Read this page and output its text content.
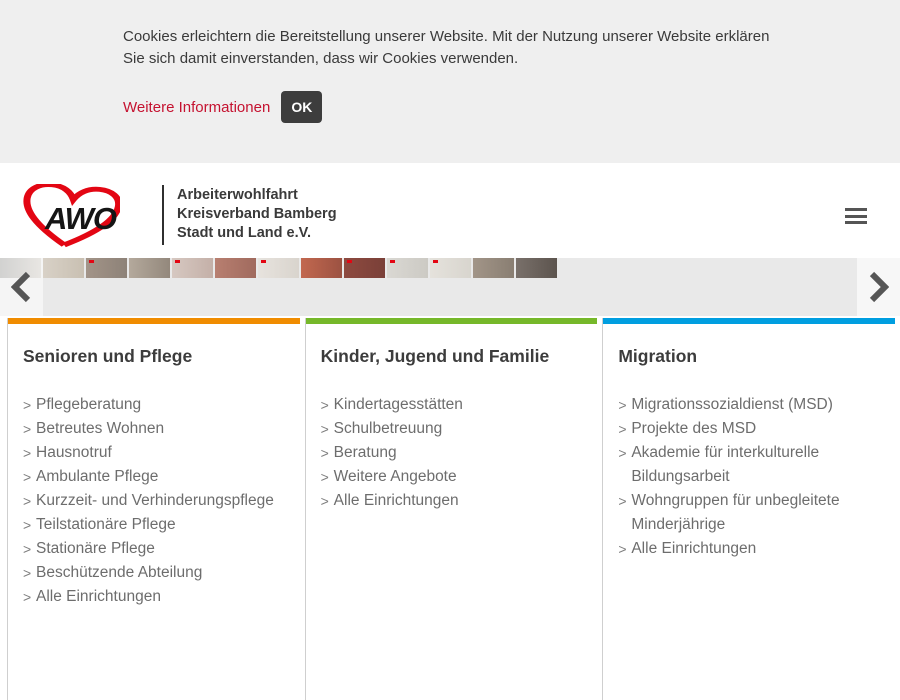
Cookies erleichtern die Bereitstellung unserer Website. Mit der Nutzung unserer Website erklären
Sie sich damit einverstanden, dass wir Cookies verwenden.
Weitere Informationen	OK
AWO
Arbeiterwohlfahrt
Kreisverband Bamberg
Stadt und Land e.V.
Senioren und Pflege
> Pflegeberatung
> Betreutes Wohnen
> Hausnotruf
> Ambulante Pflege
> Kurzzeit- und Verhinderungspflege
> Teilstationäre Pflege
> Stationäre Pflege
> Beschützende Abteilung
> Alle Einrichtungen
Kinder, Jugend und Familie
> Kindertagesstätten
> Schulbetreuung
> Beratung
> Weitere Angebote
> Alle Einrichtungen
Migration
> Migrationssozialdienst (MSD)
> Projekte des MSD
> Akademie für interkulturelle Bildungsarbeit
> Wohngruppen für unbegleitete Minderjährige
> Alle Einrichtungen
